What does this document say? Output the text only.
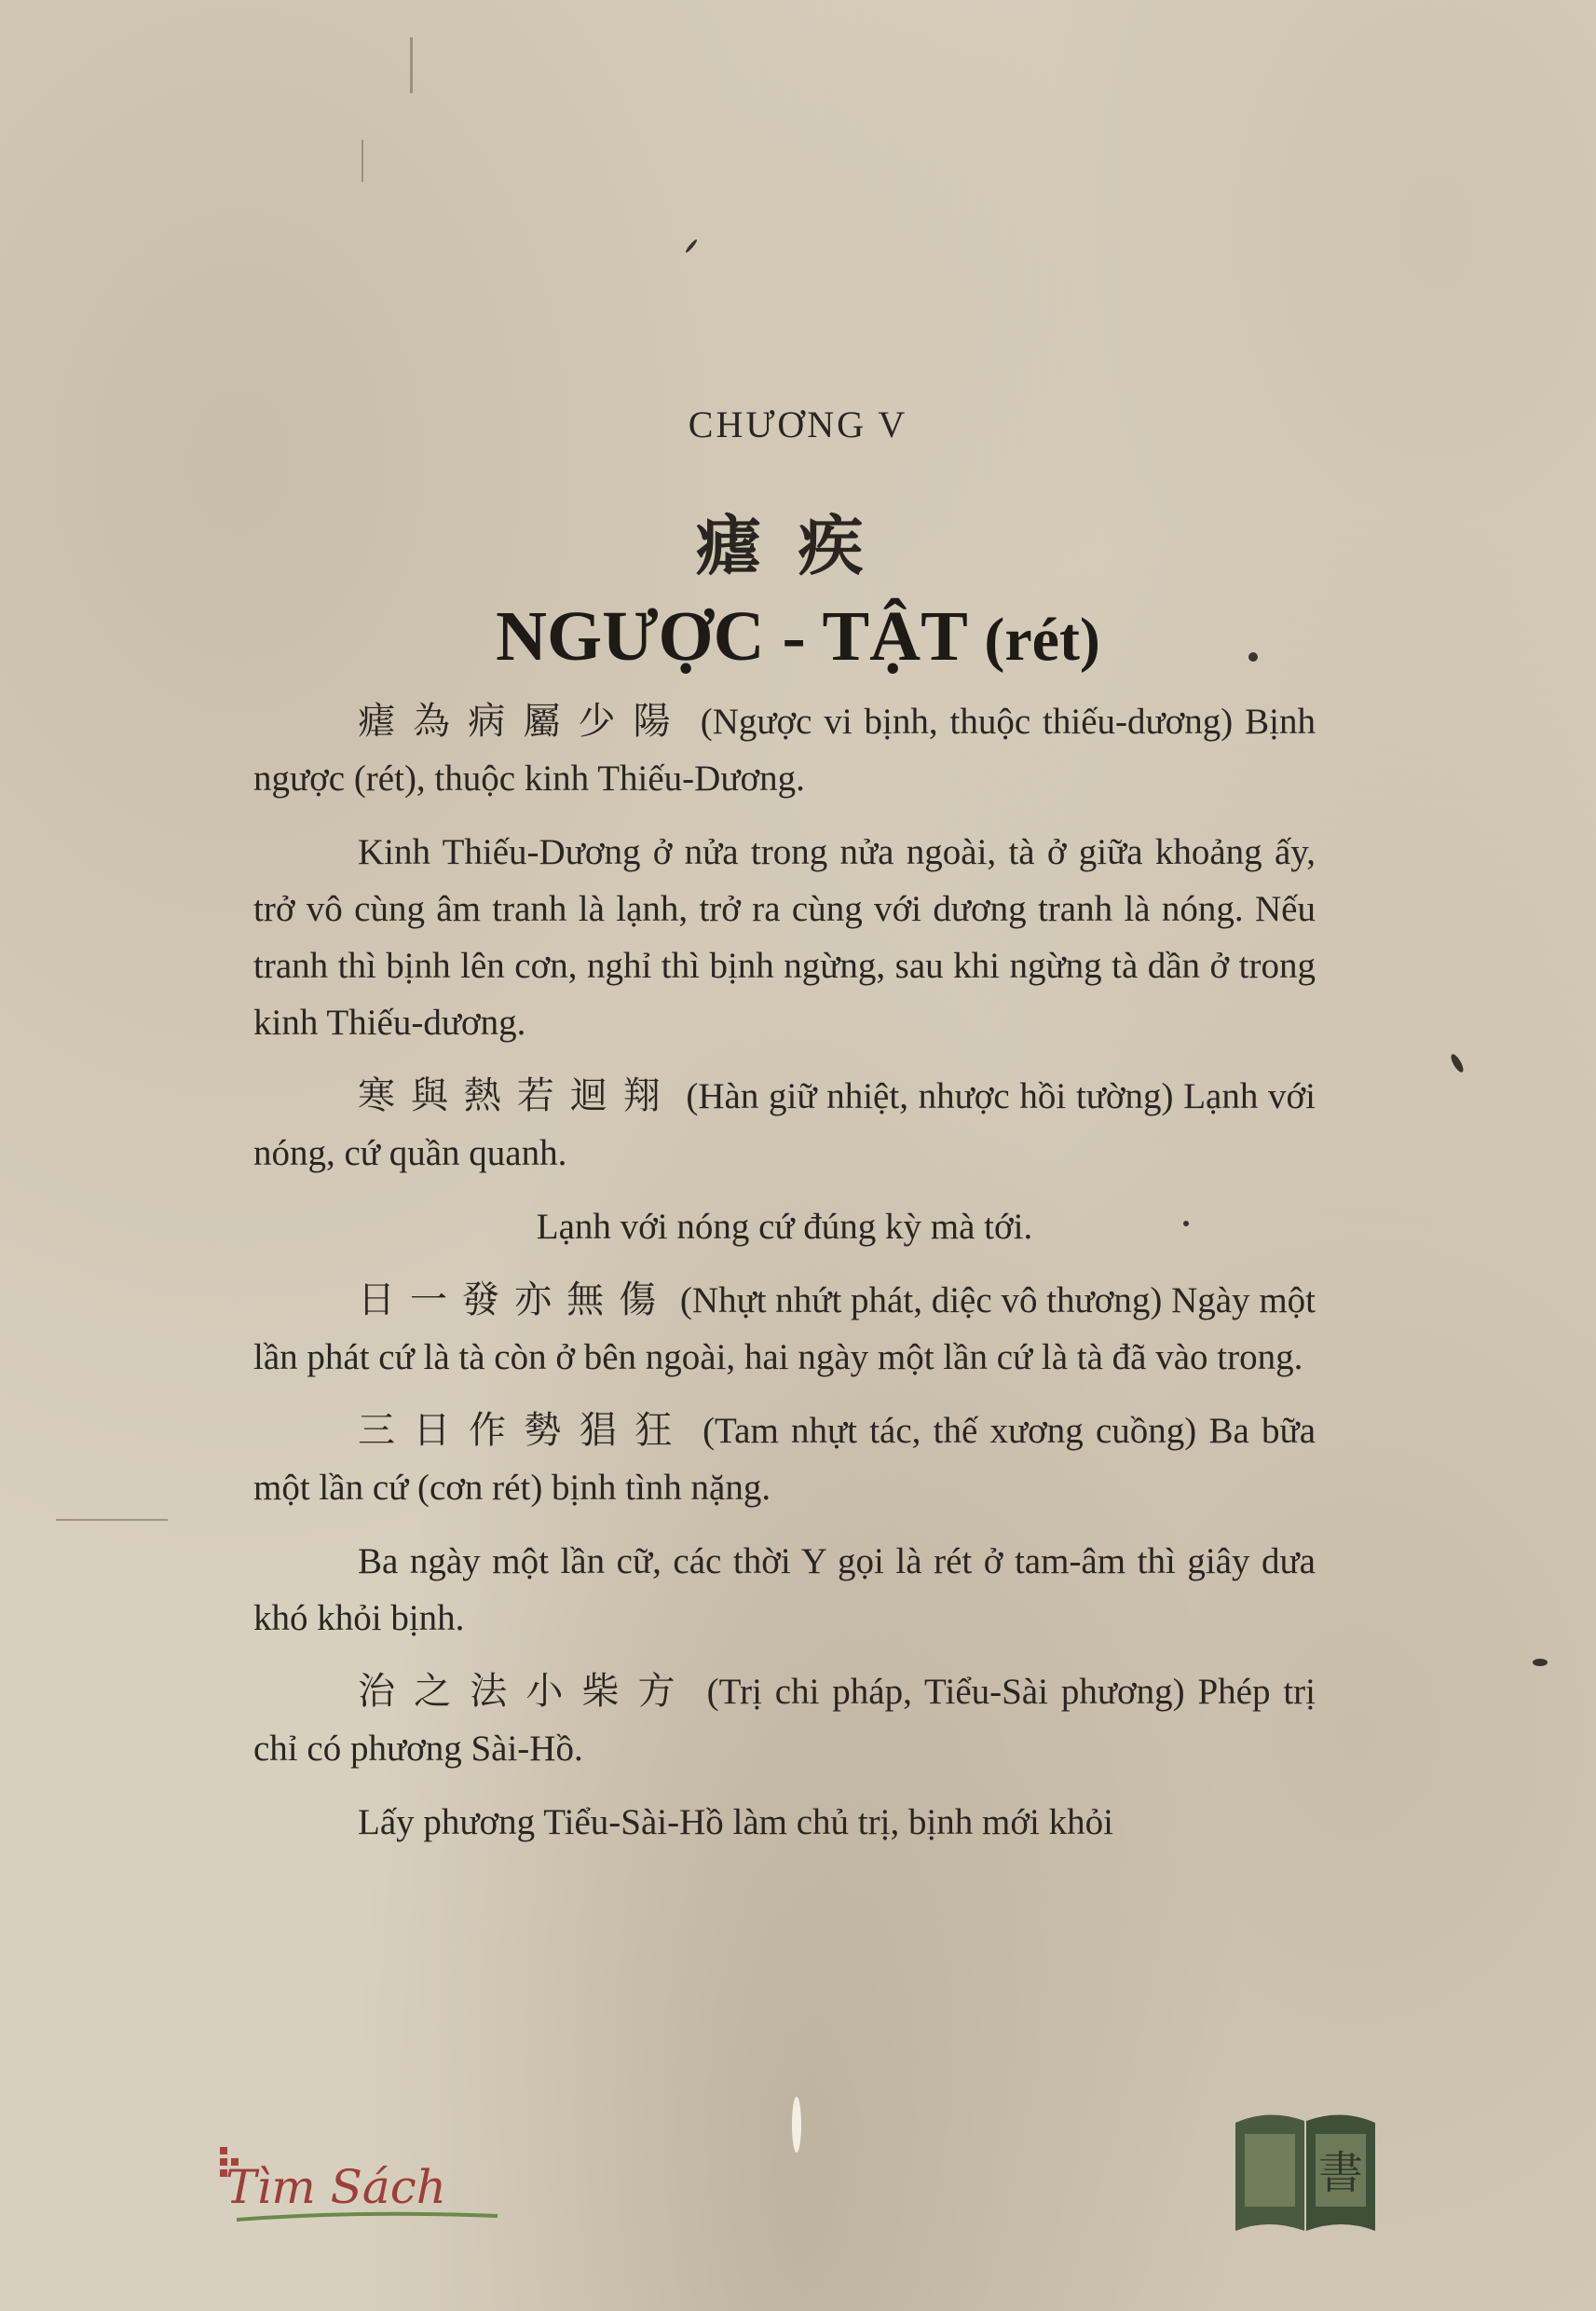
CHƯƠNG V
瘧疾
NGƯỢC - TẬT (rét)

瘧為病屬少陽 (Ngược vi bịnh, thuộc thiếu-dương) Bịnh ngược (rét), thuộc kinh Thiếu-Dương.

Kinh Thiếu-Dương ở nửa trong nửa ngoài, tà ở giữa khoảng ấy, trở vô cùng âm tranh là lạnh, trở ra cùng với dương tranh là nóng. Nếu tranh thì bịnh lên cơn, nghỉ thì bịnh ngừng, sau khi ngừng tà dần ở trong kinh Thiếu-dương.

寒與熱若迴翔 (Hàn giữ nhiệt, nhược hồi tường) Lạnh với nóng, cứ quần quanh.

Lạnh với nóng cứ đúng kỳ mà tới.

日一發亦無傷 (Nhựt nhứt phát, diệc vô thương) Ngày một lần phát cứ là tà còn ở bên ngoài, hai ngày một lần cứ là tà đã vào trong.

三日作勢猖狂 (Tam nhựt tác, thế xương cuồng) Ba bữa một lần cứ (cơn rét) bịnh tình nặng.

Ba ngày một lần cữ, các thời Y gọi là rét ở tam-âm thì giây dưa khó khỏi bịnh.

治之法小柴方 (Trị chi pháp, Tiểu-Sài phương) Phép trị chỉ có phương Sài-Hồ.

Lấy phương Tiểu-Sài-Hồ làm chủ trị, bịnh mới khỏi

Tìm Sách	書
